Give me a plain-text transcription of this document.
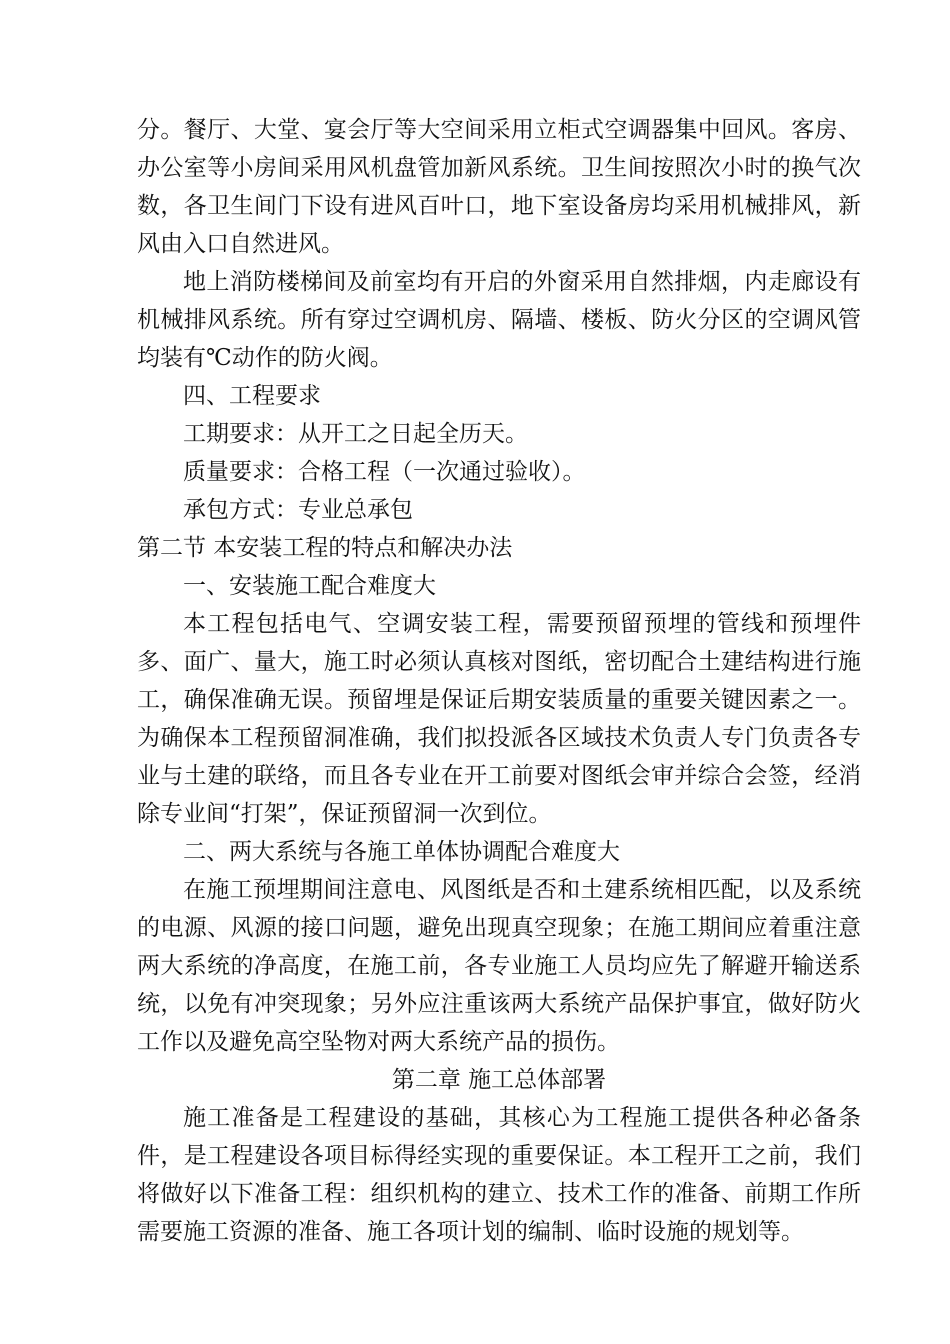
分。餐厅、大堂、宴会厅等大空间采用立柜式空调器集中回风。客房、办公室等小房间采用风机盘管加新风系统。卫生间按照次小时的换气次数，各卫生间门下设有进风百叶口，地下室设备房均采用机械排风，新风由入口自然进风。

地上消防楼梯间及前室均有开启的外窗采用自然排烟，内走廊设有机械排风系统。所有穿过空调机房、隔墙、楼板、防火分区的空调风管均装有℃动作的防火阀。

四、工程要求

工期要求：从开工之日起全历天。

质量要求：合格工程（一次通过验收）。

承包方式：专业总承包

第二节 本安装工程的特点和解决办法

一、安装施工配合难度大

本工程包括电气、空调安装工程，需要预留预埋的管线和预埋件多、面广、量大，施工时必须认真核对图纸，密切配合土建结构进行施工，确保准确无误。预留埋是保证后期安装质量的重要关键因素之一。为确保本工程预留洞准确，我们拟投派各区域技术负责人专门负责各专业与土建的联络，而且各专业在开工前要对图纸会审并综合会签，经消除专业间“打架”，保证预留洞一次到位。

二、两大系统与各施工单体协调配合难度大

在施工预埋期间注意电、风图纸是否和土建系统相匹配，以及系统的电源、风源的接口问题，避免出现真空现象；在施工期间应着重注意两大系统的净高度，在施工前，各专业施工人员均应先了解避开输送系统，以免有冲突现象；另外应注重该两大系统产品保护事宜，做好防火工作以及避免高空坠物对两大系统产品的损伤。

第二章 施工总体部署

施工准备是工程建设的基础，其核心为工程施工提供各种必备条件，是工程建设各项目标得经实现的重要保证。本工程开工之前，我们将做好以下准备工程：组织机构的建立、技术工作的准备、前期工作所需要施工资源的准备、施工各项计划的编制、临时设施的规划等。
